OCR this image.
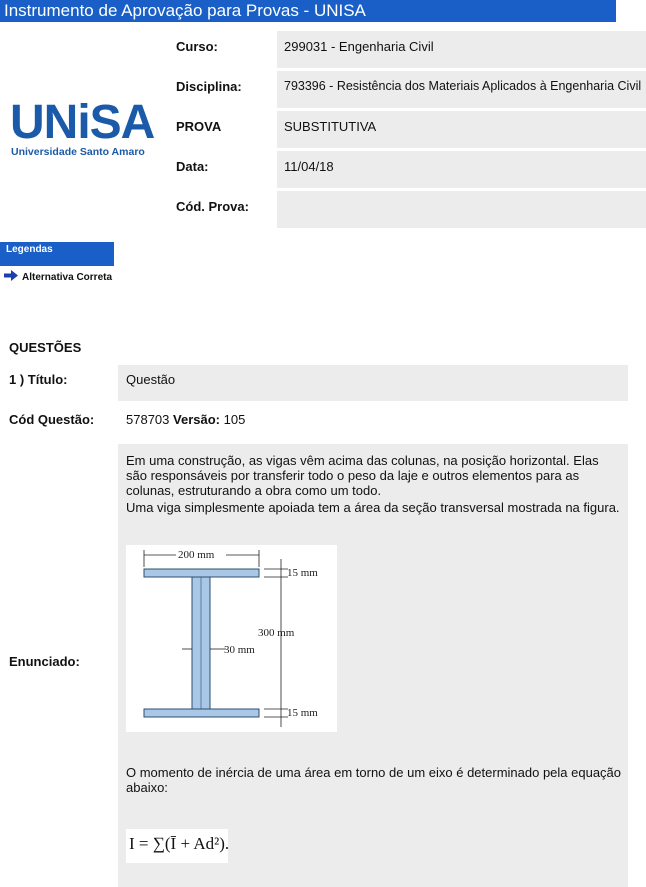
Instrumento de Aprovação para Provas - UNISA
UNiSA
Universidade Santo Amaro
Curso:	299031 - Engenharia Civil
Disciplina:	793396 - Resistência dos Materiais Aplicados à Engenharia Civil
PROVA	SUBSTITUTIVA
Data:	11/04/18
Cód. Prova:
Legendas
Alternativa Correta
QUESTÕES
1 ) Título:	Questão
Cód Questão: 578703 Versão: 105
Enunciado:
Em uma construção, as vigas vêm acima das colunas, na posição horizontal. Elas são responsáveis por transferir todo o peso da laje e outros elementos para as colunas, estruturando a obra como um todo.
Uma viga simplesmente apoiada tem a área da seção transversal mostrada na figura.
200 mm
15 mm
300 mm
30 mm
15 mm
O momento de inércia de uma área em torno de um eixo é determinado pela equação abaixo:
I = ∑(Ī + Ad²).
